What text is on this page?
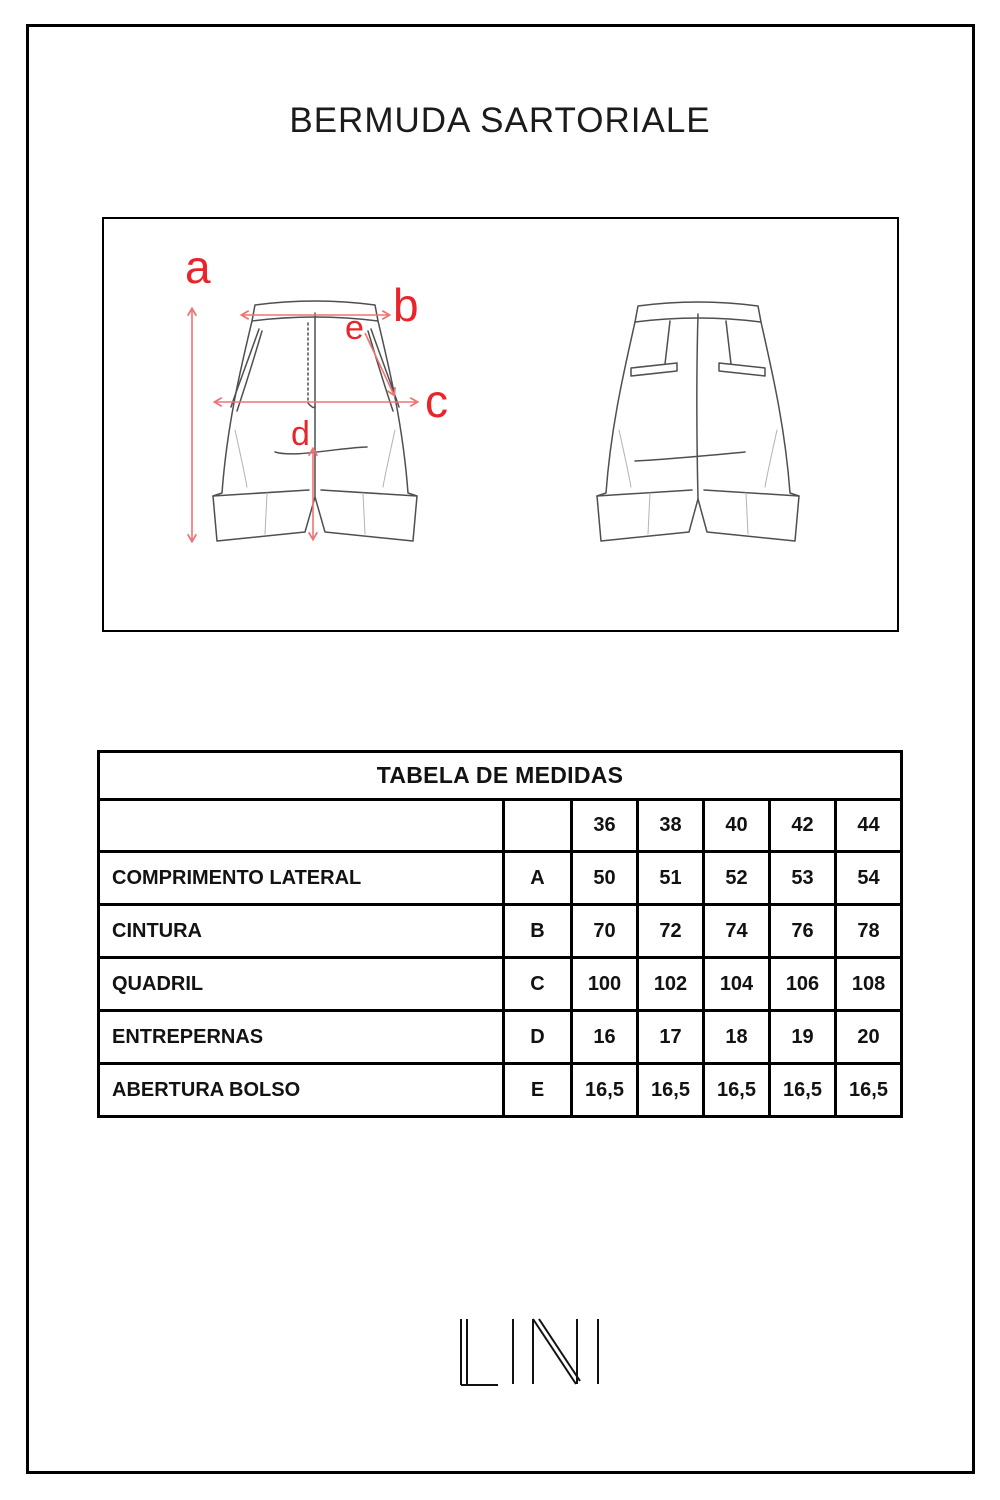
BERMUDA SARTORIALE
a
b
c
d
e
TABELA DE MEDIDAS						
		36	38	40	42	44
COMPRIMENTO LATERAL	A	50	51	52	53	54
CINTURA	B	70	72	74	76	78
QUADRIL	C	100	102	104	106	108
ENTREPERNAS	D	16	17	18	19	20
ABERTURA BOLSO	E	16,5	16,5	16,5	16,5	16,5
